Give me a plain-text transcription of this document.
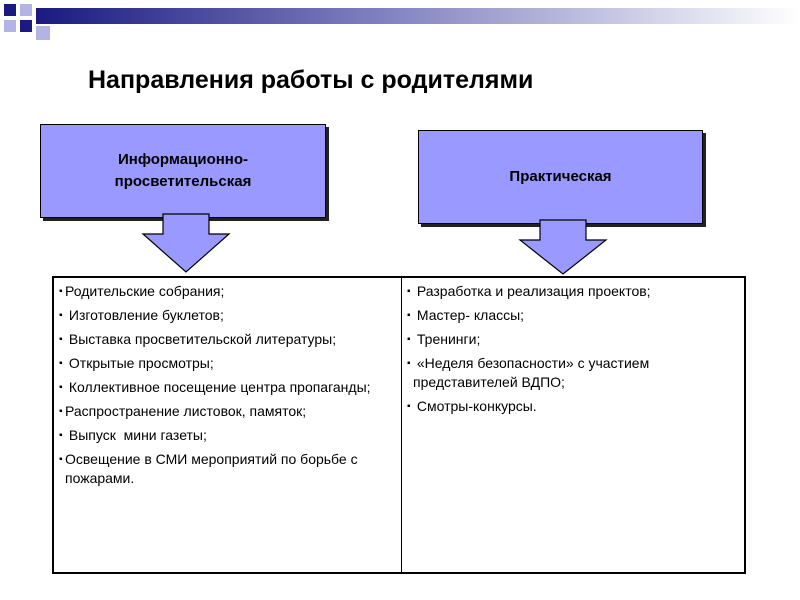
Направления работы с родителями
Информационно-
просветительская	Практическая
▪ Родительские собрания;
▪ Изготовление буклетов;
▪ Выставка просветительской литературы;
▪ Открытые просмотры;
▪ Коллективное посещение центра пропаганды;
▪ Распространение листовок, памяток;
▪ Выпуск  мини газеты;
▪ Освещение в СМИ мероприятий по борьбе с пожарами.
▪ Разработка и реализация проектов;
▪ Мастер- классы;
▪ Тренинги;
▪ «Неделя безопасности» с участием представителей ВДПО;
▪ Смотры-конкурсы.
